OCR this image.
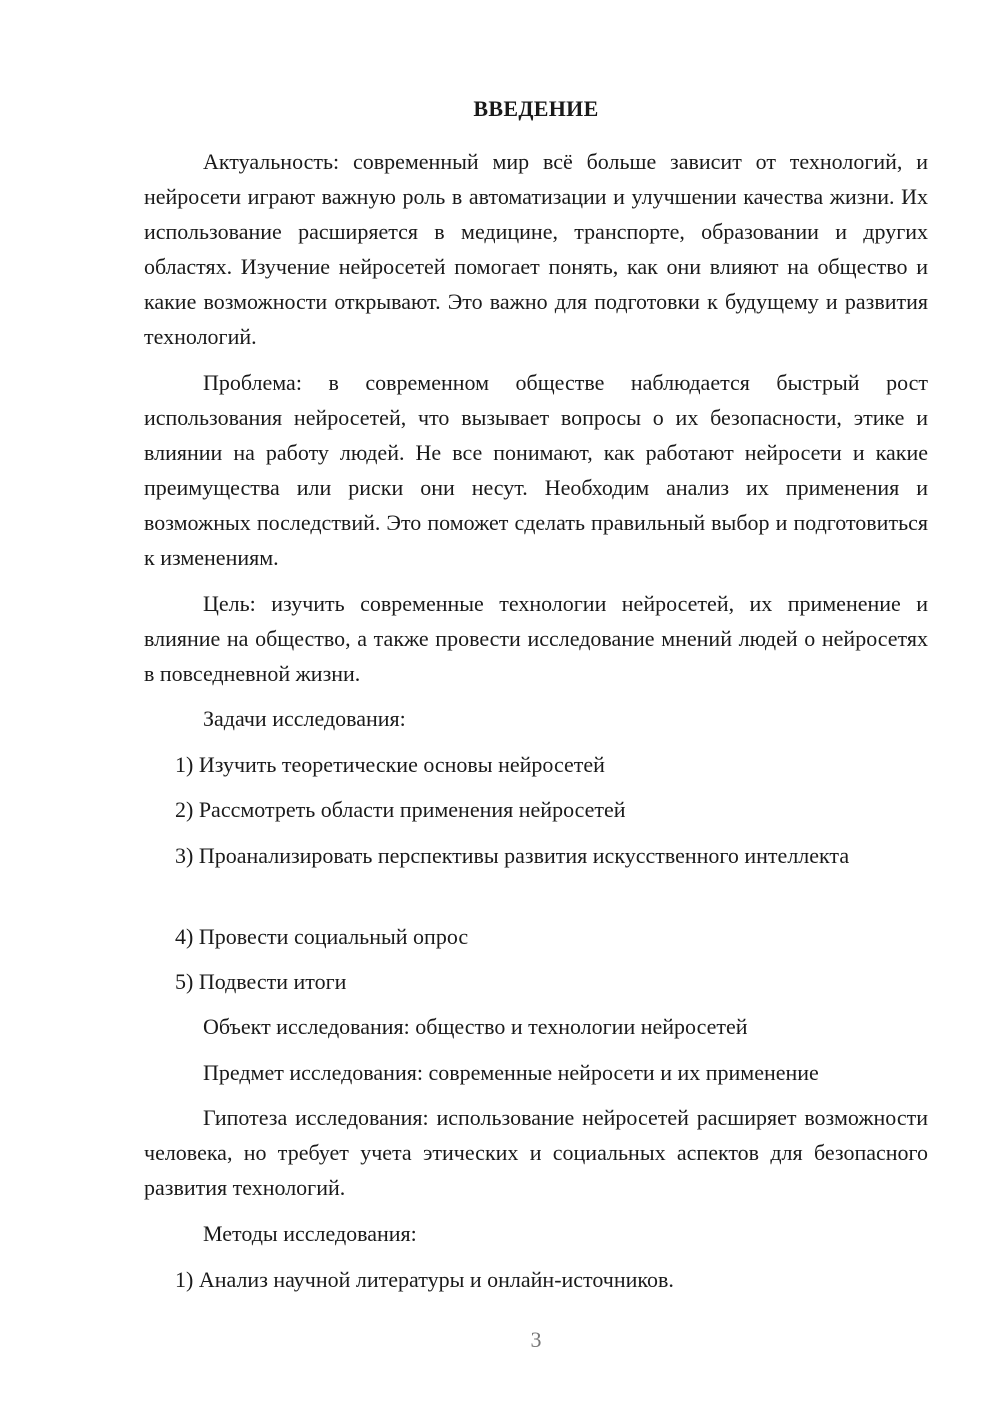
ВВЕДЕНИЕ

Актуальность: современный мир всё больше зависит от технологий, и нейросети играют важную роль в автоматизации и улучшении качества жизни. Их использование расширяется в медицине, транспорте, образовании и других областях. Изучение нейросетей помогает понять, как они влияют на общество и какие возможности открывают. Это важно для подготовки к будущему и развития технологий.

Проблема: в современном обществе наблюдается быстрый рост использования нейросетей, что вызывает вопросы о их безопасности, этике и влиянии на работу людей. Не все понимают, как работают нейросети и какие преимущества или риски они несут. Необходим анализ их применения и возможных последствий. Это поможет сделать правильный выбор и подготовиться к изменениям.

Цель: изучить современные технологии нейросетей, их применение и влияние на общество, а также провести исследование мнений людей о нейросетях в повседневной жизни.

Задачи исследования:

1) Изучить теоретические основы нейросетей

2) Рассмотреть области применения нейросетей

3) Проанализировать перспективы развития искусственного интеллекта

4) Провести социальный опрос

5) Подвести итоги

Объект исследования: общество и технологии нейросетей

Предмет исследования: современные нейросети и их применение

Гипотеза исследования: использование нейросетей расширяет возможности человека, но требует учета этических и социальных аспектов для безопасного развития технологий.

Методы исследования:

1) Анализ научной литературы и онлайн-источников.

3
